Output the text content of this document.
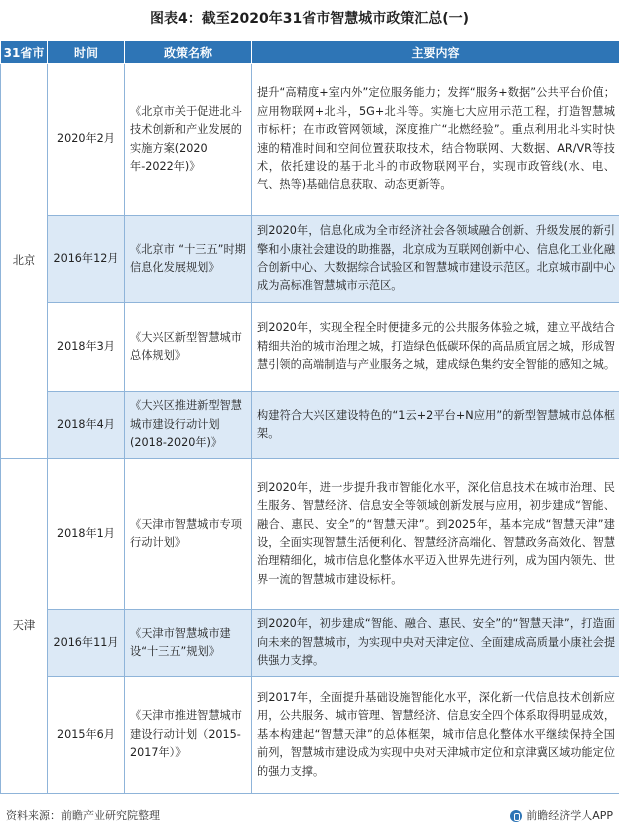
图表4：截至2020年31省市智慧城市政策汇总(一)
31省市	时间	政策名称	主要内容
北京	2020年2月	《北京市关于促进北斗技术创新和产业发展的实施方案(2020年-2022年)》	提升“高精度+室内外”定位服务能力；发挥“服务+数据”公共平台价值；应用物联网+北斗，5G+北斗等。实施七大应用示范工程，打造智慧城市标杆；在市政管网领域，深度推广“北燃经验”。重点利用北斗实时快速的精准时间和空间位置获取技术，结合物联网、大数据、AR/VR等技术，依托建设的基于北斗的市政物联网平台，实现市政管线(水、电、气、热等)基础信息获取、动态更新等。
	2016年12月	《北京市 “十三五”时期信息化发展规划》	到2020年，信息化成为全市经济社会各领域融合创新、升级发展的新引擎和小康社会建设的助推器，北京成为互联网创新中心、信息化工业化融合创新中心、大数据综合试验区和智慧城市建设示范区。北京城市副中心成为高标准智慧城市示范区。
	2018年3月	《大兴区新型智慧城市总体规划》	到2020年，实现全程全时便捷多元的公共服务体验之城，建立平战结合精细共治的城市治理之城，打造绿色低碳环保的高品质宜居之城，形成智慧引领的高端制造与产业服务之城，建成绿色集约安全智能的感知之城。
	2018年4月	《大兴区推进新型智慧城市建设行动计划(2018-2020年)》	构建符合大兴区建设特色的“1云+2平台+N应用”的新型智慧城市总体框架。
天津	2018年1月	《天津市智慧城市专项行动计划》	到2020年，进一步提升我市智能化水平，深化信息技术在城市治理、民生服务、智慧经济、信息安全等领域创新发展与应用，初步建成“智能、融合、惠民、安全”的“智慧天津”。到2025年，基本完成“智慧天津”建设，全面实现智慧生活便利化、智慧经济高端化、智慧政务高效化、智慧治理精细化，城市信息化整体水平迈入世界先进行列，成为国内领先、世界一流的智慧城市建设标杆。
	2016年11月	《天津市智慧城市建设“十三五”规划》	到2020年，初步建成“智能、融合、惠民、安全”的“智慧天津”，打造面向未来的智慧城市，为实现中央对天津定位、全面建成高质量小康社会提供强力支撑。
	2015年6月	《天津市推进智慧城市建设行动计划（2015-2017年）》	到2017年，全面提升基础设施智能化水平，深化新一代信息技术创新应用，公共服务、城市管理、智慧经济、信息安全四个体系取得明显成效，基本构建起“智慧天津”的总体框架，城市信息化整体水平继续保持全国前列，智慧城市建设成为实现中央对天津城市定位和京津冀区域功能定位的强力支撑。
资料来源：前瞻产业研究院整理	前瞻经济学人APP
